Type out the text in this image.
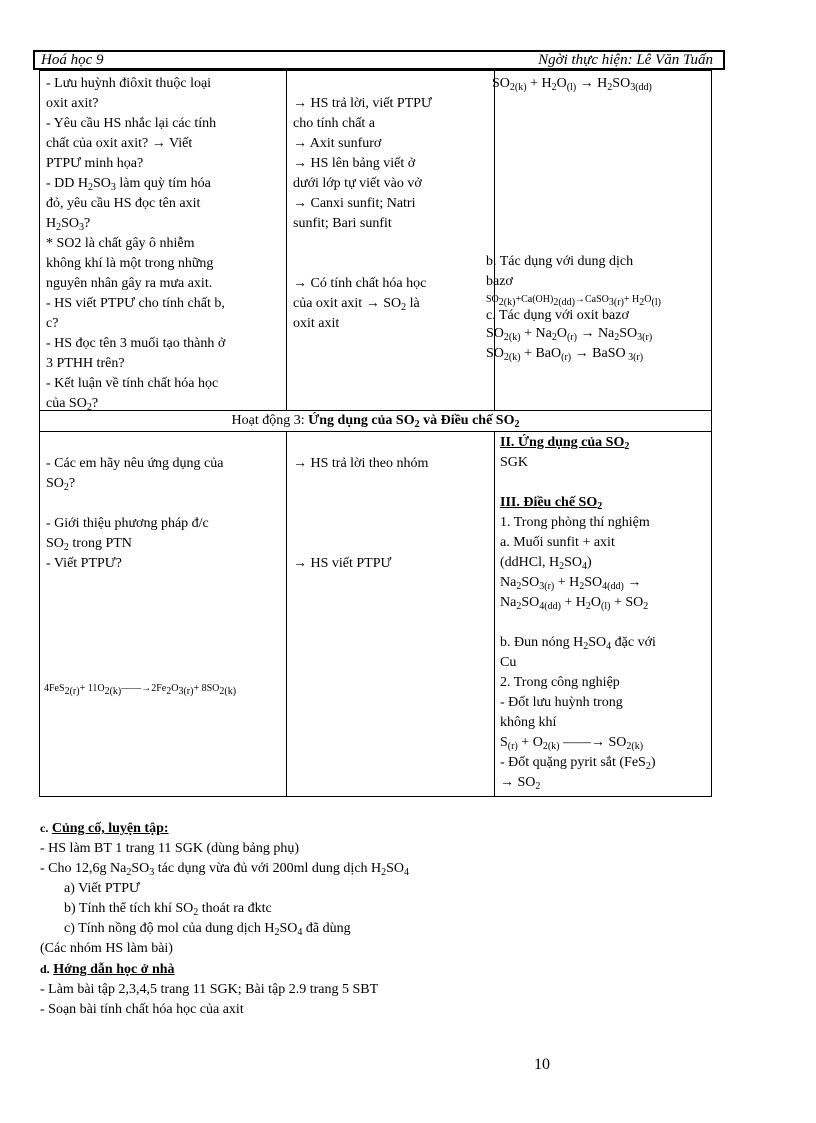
Hoá học 9	Ngời thực hiện: Lê Văn Tuấn
- Lưu huỳnh điôxit thuộc loại
oxit axit?
- Yêu cầu HS nhắc lại các tính
chất của oxit axit? → Viết
PTPƯ minh họa?
- DD $H_2SO_3$ làm quỳ tím hóa
đỏ, yêu cầu HS đọc tên axit
$H_2SO_3$?
* SO2 là chất gây ô nhiễm
không khí là một trong những
nguyên nhân gây ra mưa axit.
- HS viết PTPƯ cho tính chất b,
c?
- HS đọc tên 3 muối tạo thành ở
3 PTHH trên?
- Kết luận về tính chất hóa học
của $SO_2$?
→ HS trả lời, viết PTPƯ
cho tính chất a
→ Axit sunfurơ
→ HS lên bảng viết ở
dưới lớp tự viết vào vở
→ Canxi sunfit; Natri
sunfit; Bari sunfit
→ Có tính chất hóa học
của oxit axit → $SO_2$ là
oxit axit
$SO_{2(k)} + H_2O_{(l)} \to H_2SO_{3(dd)}$
b. Tác dụng với dung dịch
bazơ
$SO_{2(k)}+Ca(OH)_{2(dd)}\to CaSO_{3(r)}+ H_2O_{(l)}$
c. Tác dụng với oxit bazơ
$SO_{2(k)} + Na_2O_{(r)} \to Na_2SO_{3(r)}$
$SO_{2(k)} + BaO_{(r)}$ → BaSO $_{3(r)}$
Hoạt động 3: Ứng dụng của $SO_2$ và Điều chế $SO_2$
- Các em hãy nêu ứng dụng của
$SO_2$?
- Giới thiệu phương pháp đ/c
$SO_2$ trong PTN
- Viết PTPƯ?
$4FeS_{2(r)}+ 11O_{2(k)}——\to 2Fe_2O_{3(r)}+ 8SO_{2(k)}$
→ HS trả lời theo nhóm
→ HS viết PTPƯ
II. Ứng dụng của $SO_2$
SGK
III. Điều chế $SO_2$
1. Trong phòng thí nghiệm
a. Muối sunfit + axit
(ddHCl, $H_2SO_4$)
$Na_2SO_{3(r)} + H_2SO_{4(dd)}$ →
$Na_2SO_{4(dd)} + H_2O_{(l)} + SO_2$
b. Đun nóng $H_2SO_4$ đặc với
Cu
2. Trong công nghiệp
- Đốt lưu huỳnh trong
không khí
$S_{(r)} + O_{2(k)}$ ——→ $SO_{2(k)}$
- Đốt quặng pyrit sắt (FeS$_2$)
→ $SO_2$
c. Củng cố, luyện tập:
- HS làm BT 1 trang 11 SGK (dùng bảng phụ)
- Cho 12,6g $Na_2SO_3$ tác dụng vừa đủ với 200ml dung dịch $H_2SO_4$
a) Viết PTPƯ
b) Tính thể tích khí $SO_2$ thoát ra đktc
c) Tính nồng độ mol của dung dịch $H_2SO_4$ đã dùng
(Các nhóm HS làm bài)
d. Hớng dẫn học ở nhà
- Làm bài tập 2,3,4,5 trang 11 SGK; Bài tập 2.9 trang 5 SBT
- Soạn bài tính chất hóa học của axit
10
